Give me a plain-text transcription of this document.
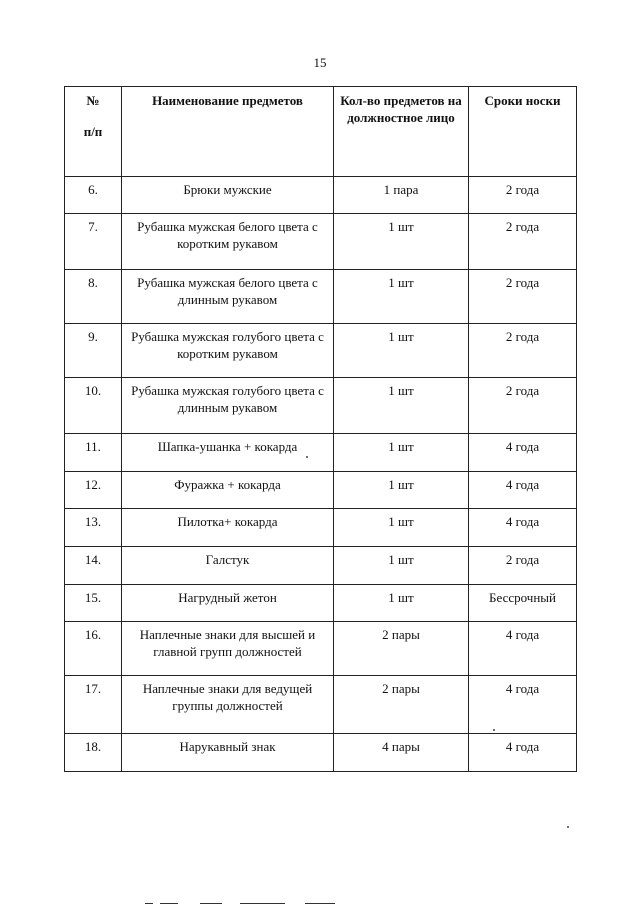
15
№
п/п	Наименование предметов	Кол-во предметов на должностное лицо	Сроки носки
6.	Брюки мужские	1 пара	2 года
7.	Рубашка мужская белого цвета с коротким рукавом	1 шт	2 года
8.	Рубашка мужская белого цвета с длинным рукавом	1 шт	2 года
9.	Рубашка мужская голубого цвета с коротким рукавом	1 шт	2 года
10.	Рубашка мужская голубого цвета с длинным рукавом	1 шт	2 года
11.	Шапка-ушанка + кокарда	1 шт	4 года
12.	Фуражка + кокарда	1 шт	4 года
13.	Пилотка+ кокарда	1 шт	4 года
14.	Галстук	1 шт	2 года
15.	Нагрудный жетон	1 шт	Бессрочный
16.	Наплечные знаки для высшей и главной групп должностей	2 пары	4 года
17.	Наплечные знаки для ведущей группы должностей	2 пары	4 года
18.	Нарукавный знак	4 пары	4 года
